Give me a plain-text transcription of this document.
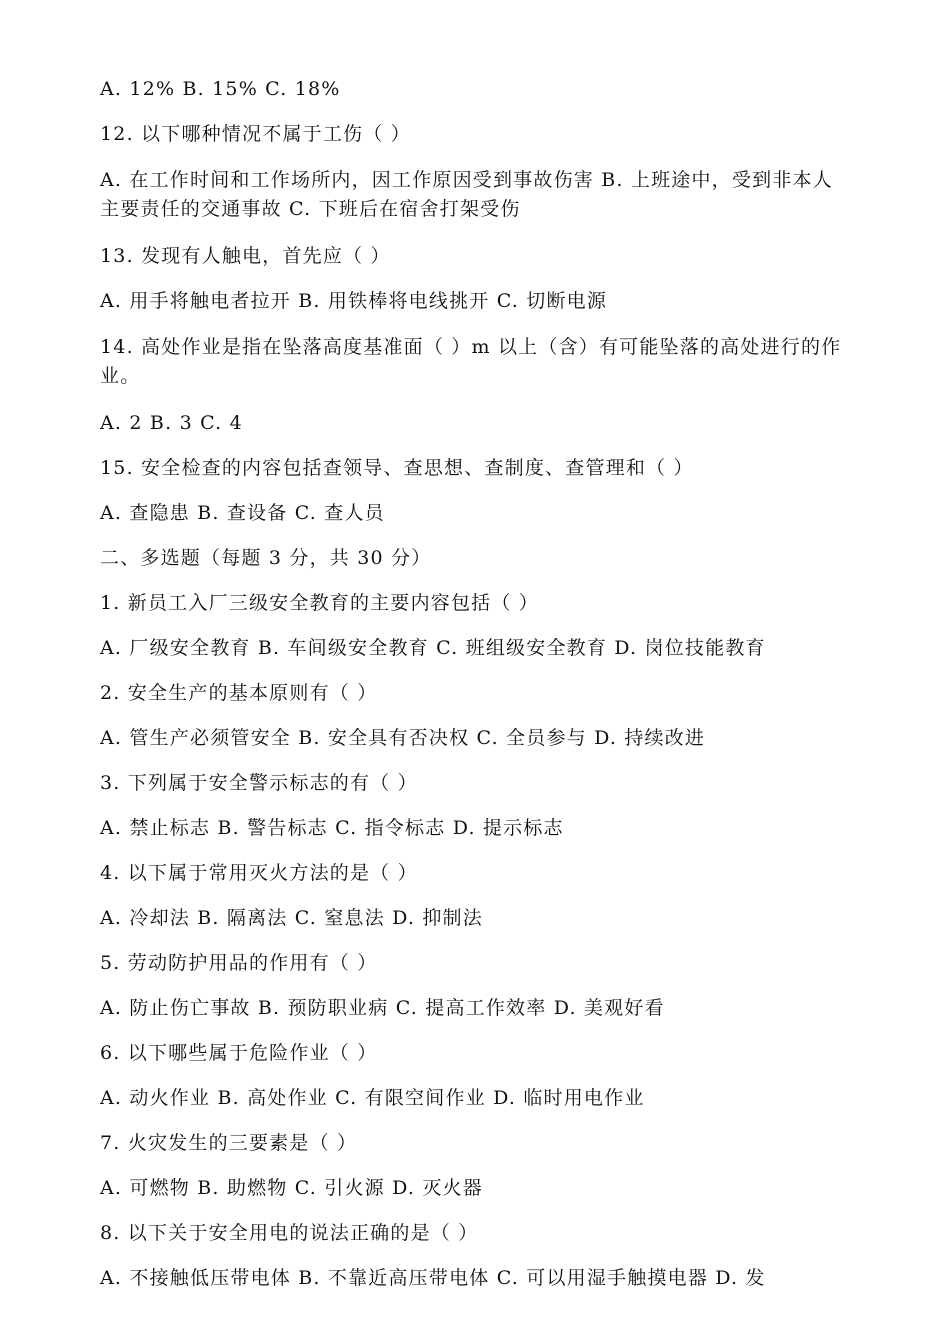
A. 12% B. 15% C. 18%

12. 以下哪种情况不属于工伤（ ）

A. 在工作时间和工作场所内，因工作原因受到事故伤害 B. 上班途中，受到非本人主要责任的交通事故 C. 下班后在宿舍打架受伤

13. 发现有人触电，首先应（ ）

A. 用手将触电者拉开 B. 用铁棒将电线挑开 C. 切断电源

14. 高处作业是指在坠落高度基准面（ ）m 以上（含）有可能坠落的高处进行的作业。

A. 2 B. 3 C. 4

15. 安全检查的内容包括查领导、查思想、查制度、查管理和（ ）

A. 查隐患 B. 查设备 C. 查人员

二、多选题（每题 3 分，共 30 分）

1. 新员工入厂三级安全教育的主要内容包括（ ）

A. 厂级安全教育 B. 车间级安全教育 C. 班组级安全教育 D. 岗位技能教育

2. 安全生产的基本原则有（ ）

A. 管生产必须管安全 B. 安全具有否决权 C. 全员参与 D. 持续改进

3. 下列属于安全警示标志的有（ ）

A. 禁止标志 B. 警告标志 C. 指令标志 D. 提示标志

4. 以下属于常用灭火方法的是（ ）

A. 冷却法 B. 隔离法 C. 窒息法 D. 抑制法

5. 劳动防护用品的作用有（ ）

A. 防止伤亡事故 B. 预防职业病 C. 提高工作效率 D. 美观好看

6. 以下哪些属于危险作业（ ）

A. 动火作业 B. 高处作业 C. 有限空间作业 D. 临时用电作业

7. 火灾发生的三要素是（ ）

A. 可燃物 B. 助燃物 C. 引火源 D. 灭火器

8. 以下关于安全用电的说法正确的是（ ）

A. 不接触低压带电体 B. 不靠近高压带电体 C. 可以用湿手触摸电器 D. 发
